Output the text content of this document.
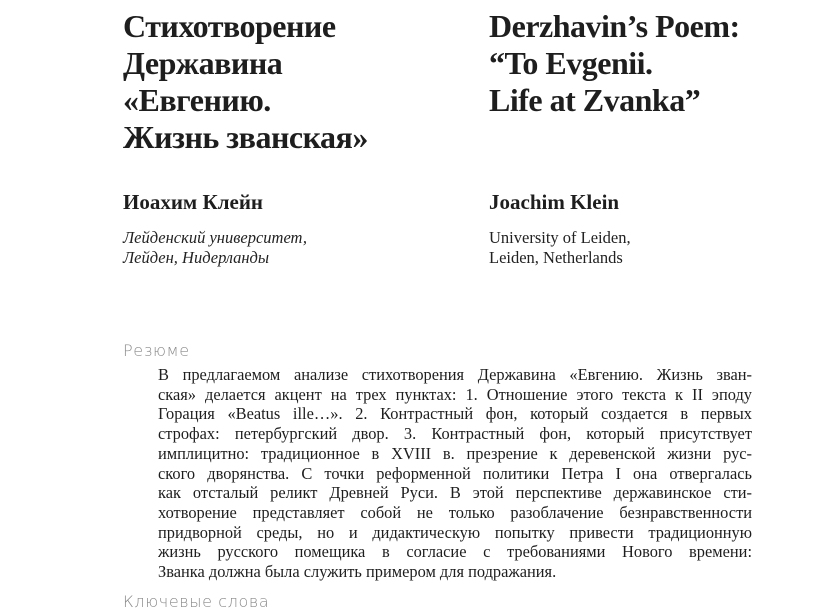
Стихотворение
Державина
«Евгению.
Жизнь званская»
Иоахим Клейн
Лейденский университет,
Лейден, Нидерланды
Derzhavin’s Poem:
“To Evgenii.
Life at Zvanka”
Joachim Klein
University of Leiden,
Leiden, Netherlands
Резюме

В предлагаемом анализе стихотворения Державина «Евгению. Жизнь зван-
ская» делается акцент на трех пунктах: 1. Отношение этого текста к II эподу
Горация «Beatus ille…». 2. Контрастный фон, который создается в первых
строфах: петербургский двор. 3. Контрастный фон, который присутствует
имплицитно: традиционное в XVIII в. презрение к деревенской жизни рус-
ского дворянства. С точки реформенной политики Петра I она отвергалась
как отсталый реликт Древней Руси. В этой перспективе державинское сти-
хотворение представляет собой не только разоблачение безнравственности
придворной среды, но и дидактическую попытку привести традиционную
жизнь русского помещика в согласие с требованиями Нового времени:
Званка должна была служить примером для подражания.

Ключевые слова
